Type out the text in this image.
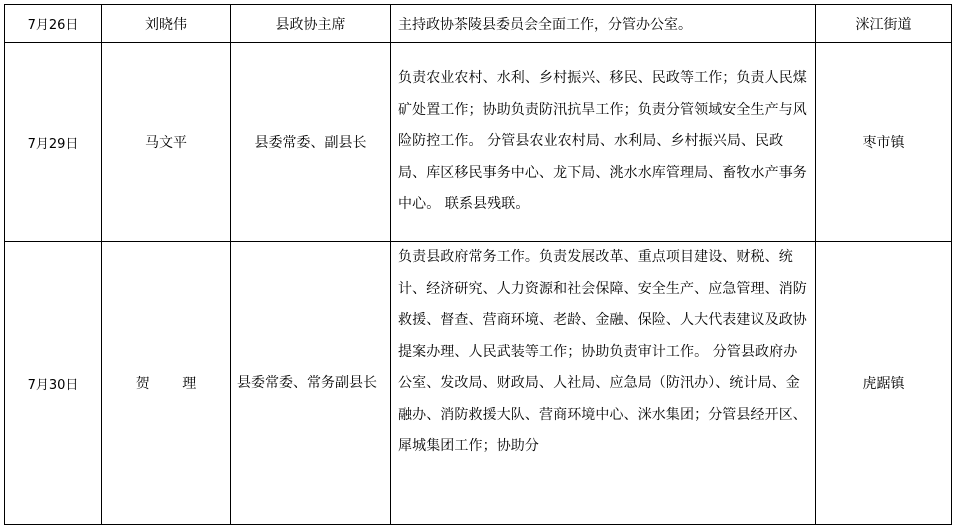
7月26日	刘晓伟	县政协主席	主持政协茶陵县委员会全面工作，分管办公室。	洣江街道
7月29日	马文平	县委常委、副县长	负责农业农村、水利、乡村振兴、移民、民政等工作；负责人民煤矿处置工作；协助负责防汛抗旱工作；负责分管领域安全生产与风险防控工作。 分管县农业农村局、水利局、乡村振兴局、民政局、库区移民事务中心、龙下局、洮水水库管理局、畜牧水产事务中心。 联系县残联。	枣市镇
7月30日	贺 理	县委常委、常务副县长	负责县政府常务工作。负责发展改革、重点项目建设、财税、统计、经济研究、人力资源和社会保障、安全生产、应急管理、消防救援、督查、营商环境、老龄、金融、保险、人大代表建议及政协提案办理、人民武装等工作；协助负责审计工作。 分管县政府办公室、发改局、财政局、人社局、应急局（防汛办）、统计局、金融办、消防救援大队、营商环境中心、洣水集团；分管县经开区、犀城集团工作；协助分	虎踞镇
